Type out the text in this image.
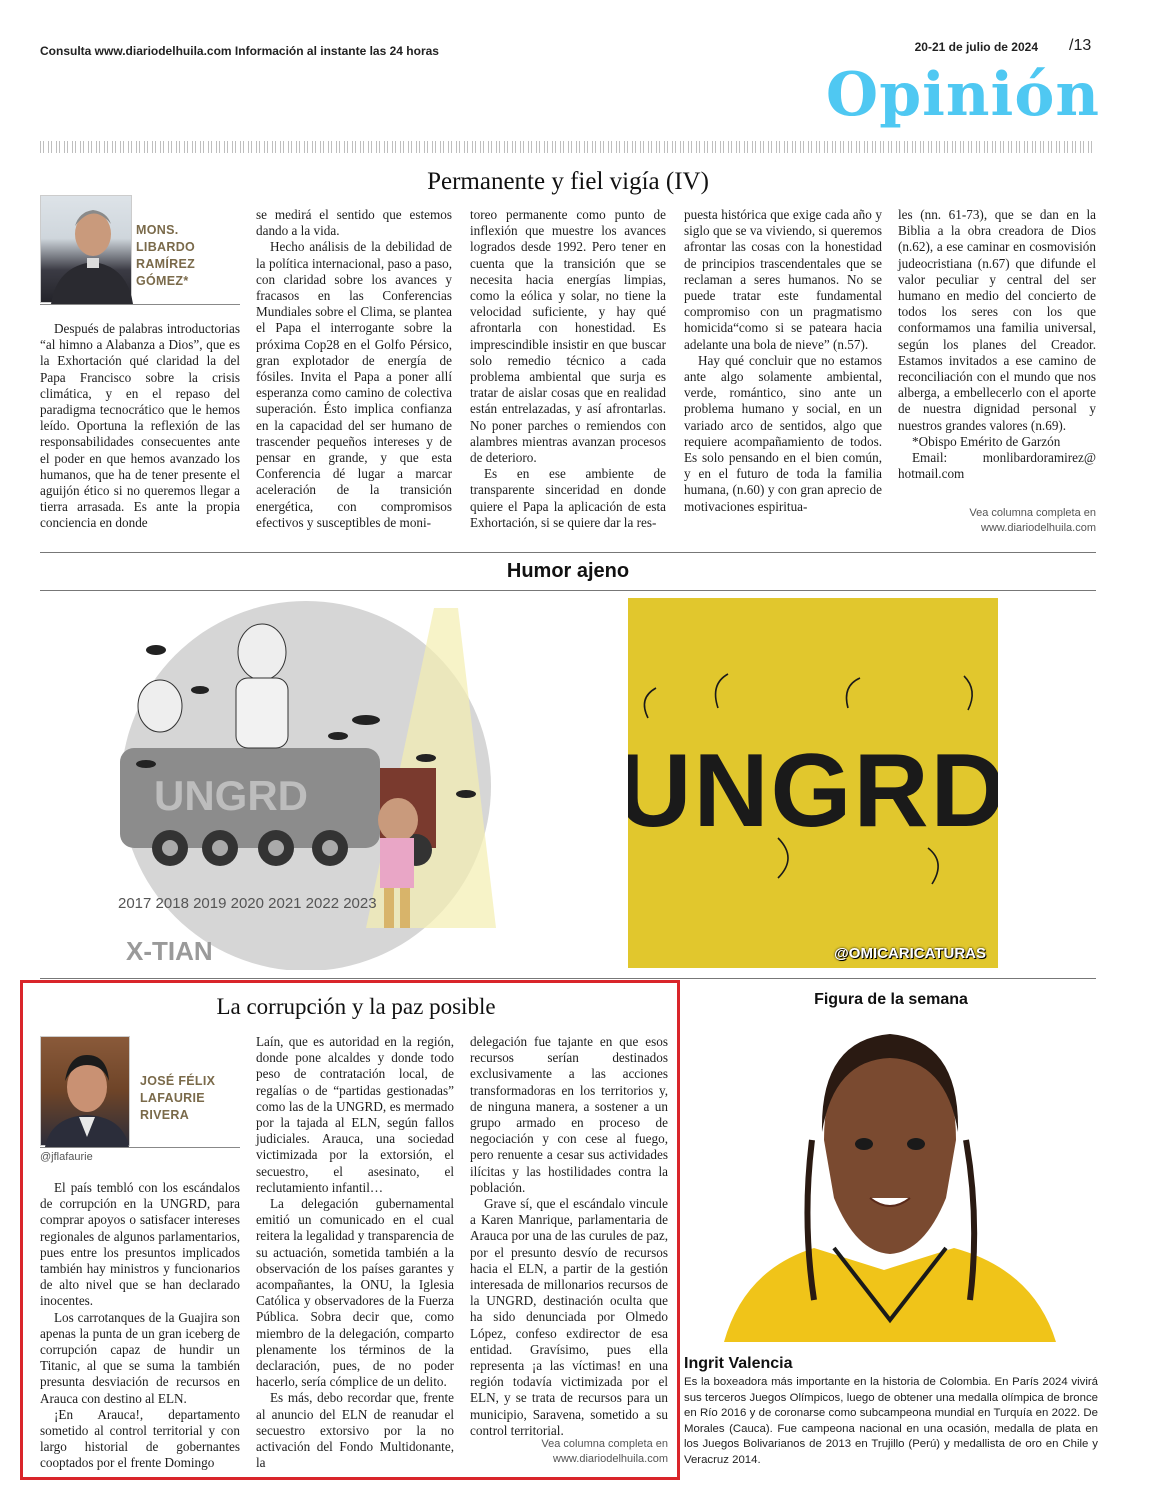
Consulta www.diariodelhuila.com Información al instante las 24 horas	20-21 de julio de 2024 /13
Opinión
Permanente y fiel vigía (IV)
MONS.
LIBARDO
RAMÍREZ
GÓMEZ*

Después de palabras introductorias “al himno a Alabanza a Dios”, que es la Exhortación qué claridad la del Papa Francisco sobre la crisis climática, y en el repaso del paradigma tecnocrático que le hemos leído. Oportuna la reflexión de las responsabilidades consecuentes ante el poder en que hemos avanzado los humanos, que ha de tener presente el aguijón ético si no queremos llegar a tierra arrasada. Es ante la propia conciencia en donde

se medirá el sentido que estemos dando a la vida.

Hecho análisis de la debilidad de la política internacional, paso a paso, con claridad sobre los avances y fracasos en las Conferencias Mundiales sobre el Clima, se plantea el Papa el interrogante sobre la próxima Cop28 en el Golfo Pérsico, gran explotador de energía de fósiles. Invita el Papa a poner allí esperanza como camino de colectiva superación. Ésto implica confianza en la capacidad del ser humano de trascender pequeños intereses y de pensar en grande, y que esta Conferencia dé lugar a marcar aceleración de la transición energética, con compromisos efectivos y susceptibles de moni-

toreo permanente como punto de inflexión que muestre los avances logrados desde 1992. Pero tener en cuenta que la transición que se necesita hacia energías limpias, como la eólica y solar, no tiene la velocidad suficiente, y hay qué afrontarla con honestidad. Es imprescindible insistir en que buscar solo remedio técnico a cada problema ambiental que surja es tratar de aislar cosas que en realidad están entrelazadas, y así afrontarlas. No poner parches o remiendos con alambres mientras avanzan procesos de deterioro.

Es en ese ambiente de transparente sinceridad en donde quiere el Papa la aplicación de esta Exhortación, si se quiere dar la res-

puesta histórica que exige cada año y siglo que se va viviendo, si queremos afrontar las cosas con la honestidad de principios trascendentales que se reclaman a seres humanos. No se puede tratar este fundamental compromiso con un pragmatismo homicida“como si se pateara hacia adelante una bola de nieve” (n.57).

Hay qué concluir que no estamos ante algo solamente ambiental, verde, romántico, sino ante un problema humano y social, en un variado arco de sentidos, algo que requiere acompañamiento de todos. Es solo pensando en el bien común, y en el futuro de toda la familia humana, (n.60) y con gran aprecio de motivaciones espiritua-

les (nn. 61-73), que se dan en la Biblia a la obra creadora de Dios (n.62), a ese caminar en cosmovisión judeocristiana (n.67) que difunde el valor peculiar y central del ser humano en medio del concierto de todos los seres con los que conformamos una familia universal, según los planes del Creador. Estamos invitados a ese camino de reconciliación con el mundo que nos alberga, a embellecerlo con el aporte de nuestra dignidad personal y nuestros grandes valores (n.69).

*Obispo Emérito de Garzón

Email: monlibardoramirez@ hotmail.com

Vea columna completa en
www.diariodelhuila.com
Humor ajeno
UNGRD
2017 2018 2019 2020 2021 2022 2023
X-TIAN
UNGRD
@OMICARICATURAS
La corrupción y la paz posible
JOSÉ FÉLIX
LAFAURIE
RIVERA
@jflafaurie

El país tembló con los escándalos de corrupción en la UNGRD, para comprar apoyos o satisfacer intereses regionales de algunos parlamentarios, pues entre los presuntos implicados también hay ministros y funcionarios de alto nivel que se han declarado inocentes.

Los carrotanques de la Guajira son apenas la punta de un gran iceberg de corrupción capaz de hundir un Titanic, al que se suma la también presunta desviación de recursos en Arauca con destino al ELN.

¡En Arauca!, departamento sometido al control territorial y con largo historial de gobernantes cooptados por el frente Domingo

Laín, que es autoridad en la región, donde pone alcaldes y donde todo peso de contratación local, de regalías o de “partidas gestionadas” como las de la UNGRD, es mermado por la tajada al ELN, según fallos judiciales. Arauca, una sociedad victimizada por la extorsión, el secuestro, el asesinato, el reclutamiento infantil…

La delegación gubernamental emitió un comunicado en el cual reitera la legalidad y transparencia de su actuación, sometida también a la observación de los países garantes y acompañantes, la ONU, la Iglesia Católica y observadores de la Fuerza Pública. Sobra decir que, como miembro de la delegación, comparto plenamente los términos de la declaración, pues, de no poder hacerlo, sería cómplice de un delito.

Es más, debo recordar que, frente al anuncio del ELN de reanudar el secuestro extorsivo por la no activación del Fondo Multidonante, la

delegación fue tajante en que esos recursos serían destinados exclusivamente a las acciones transformadoras en los territorios y, de ninguna manera, a sostener a un grupo armado en proceso de negociación y con cese al fuego, pero renuente a cesar sus actividades ilícitas y las hostilidades contra la población.

Grave sí, que el escándalo vincule a Karen Manrique, parlamentaria de Arauca por una de las curules de paz, por el presunto desvío de recursos hacia el ELN, a partir de la gestión interesada de millonarios recursos de la UNGRD, destinación oculta que ha sido denunciada por Olmedo López, confeso exdirector de esa entidad. Gravísimo, pues ella representa ¡a las víctimas! en una región todavía victimizada por el ELN, y se trata de recursos para un municipio, Saravena, sometido a su control territorial.

Vea columna completa en
www.diariodelhuila.com
Figura de la semana
Ingrit Valencia
Es la boxeadora más importante en la historia de Colombia. En París 2024 vivirá sus terceros Juegos Olímpicos, luego de obtener una medalla olímpica de bronce en Río 2016 y de coronarse como subcampeona mundial en Turquía en 2022. De Morales (Cauca). Fue campeona nacional en una ocasión, medalla de plata en los Juegos Bolivarianos de 2013 en Trujillo (Perú) y medallista de oro en Chile y Veracruz 2014.
